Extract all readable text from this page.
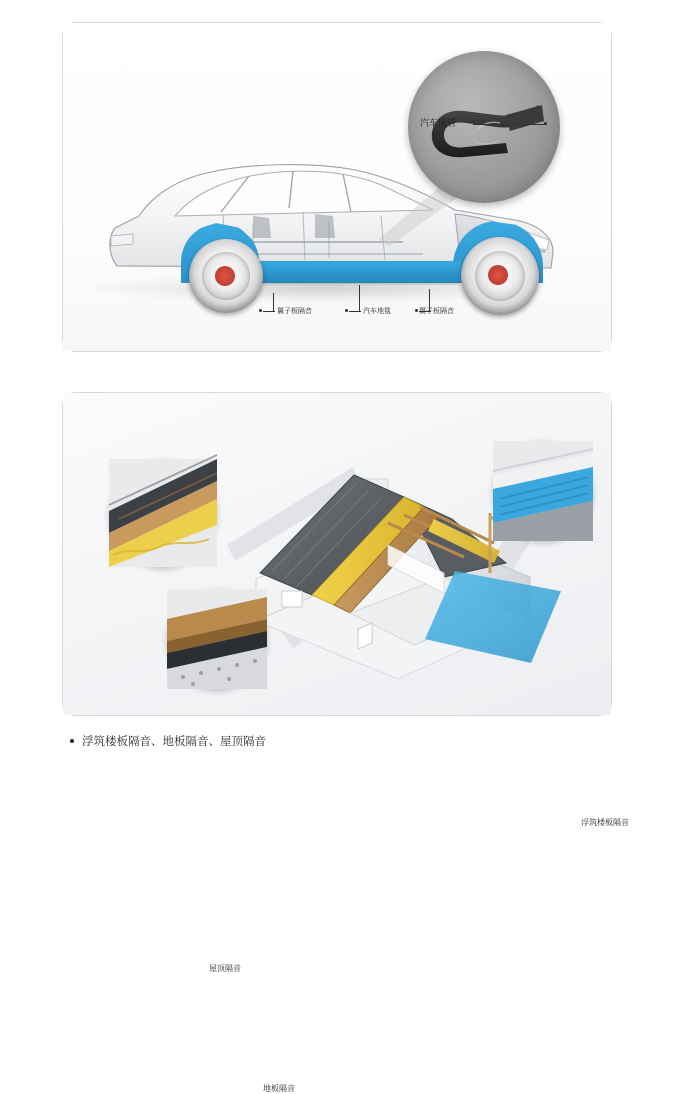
汽车风管
翼子板隔音	汽车地毯	翼子板隔音
屋顶隔音
地板隔音
浮筑楼板隔音
浮筑楼板隔音、地板隔音、屋顶隔音
